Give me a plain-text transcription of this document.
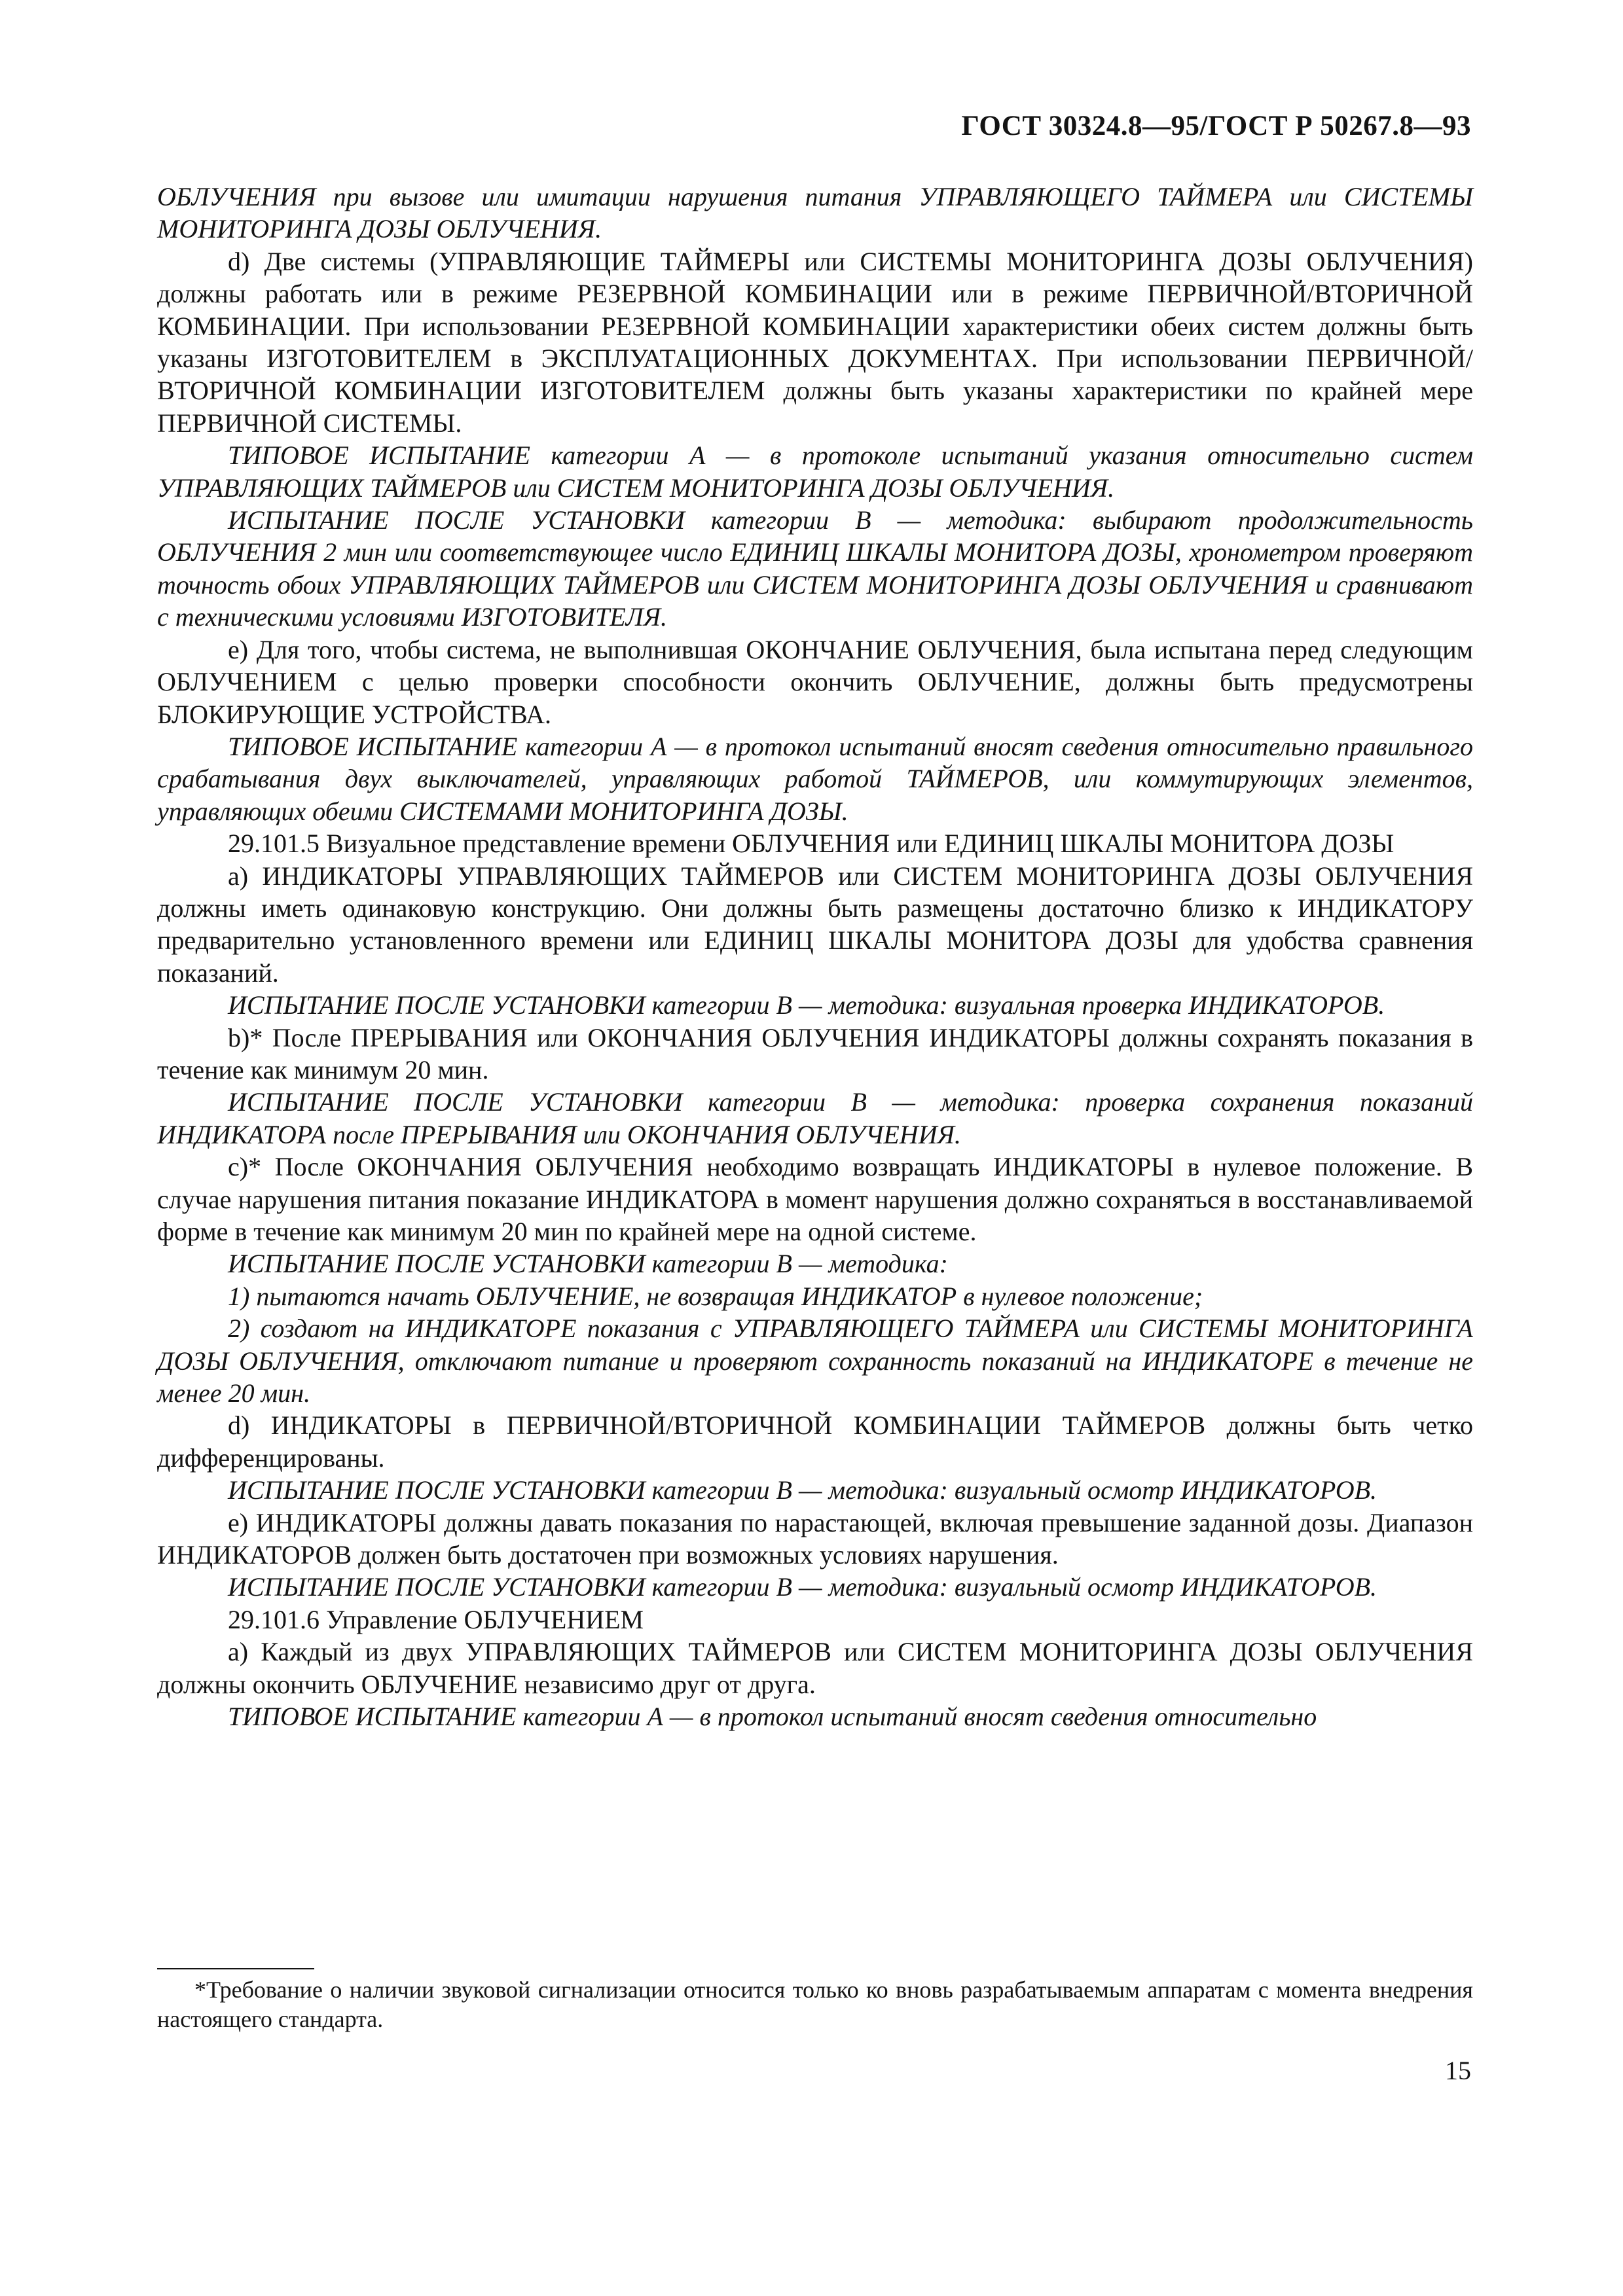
ГОСТ 30324.8—95/ГОСТ Р 50267.8—93

ОБЛУЧЕНИЯ при вызове или имитации нарушения питания УПРАВЛЯЮЩЕГО ТАЙМЕРА или СИСТЕМЫ МОНИТОРИНГА ДОЗЫ ОБЛУЧЕНИЯ.

d) Две системы (УПРАВЛЯЮЩИЕ ТАЙМЕРЫ или СИСТЕМЫ МОНИТОРИНГА ДОЗЫ ОБЛУЧЕНИЯ) должны работать или в режиме РЕЗЕРВНОЙ КОМБИНАЦИИ или в режиме ПЕРВИЧНОЙ/ВТОРИЧНОЙ КОМБИНАЦИИ. При использовании РЕЗЕРВНОЙ КОМБИНАЦИИ характеристики обеих систем должны быть указаны ИЗГОТОВИТЕЛЕМ в ЭКСПЛУАТАЦИОННЫХ ДОКУМЕНТАХ. При использовании ПЕРВИЧНОЙ/ВТОРИЧНОЙ КОМБИНАЦИИ ИЗГОТОВИТЕЛЕМ должны быть указаны характеристики по крайней мере ПЕРВИЧНОЙ СИСТЕМЫ.

ТИПОВОЕ ИСПЫТАНИЕ категории А — в протоколе испытаний указания относительно систем УПРАВЛЯЮЩИХ ТАЙМЕРОВ или СИСТЕМ МОНИТОРИНГА ДОЗЫ ОБЛУЧЕНИЯ.

ИСПЫТАНИЕ ПОСЛЕ УСТАНОВКИ категории В — методика: выбирают продолжительность ОБЛУЧЕНИЯ 2 мин или соответствующее число ЕДИНИЦ ШКАЛЫ МОНИТОРА ДОЗЫ, хронометром проверяют точность обоих УПРАВЛЯЮЩИХ ТАЙМЕРОВ или СИСТЕМ МОНИТОРИНГА ДОЗЫ ОБЛУЧЕНИЯ и сравнивают с техническими условиями ИЗГОТОВИТЕЛЯ.

е) Для того, чтобы система, не выполнившая ОКОНЧАНИЕ ОБЛУЧЕНИЯ, была испытана перед следующим ОБЛУЧЕНИЕМ с целью проверки способности окончить ОБЛУЧЕНИЕ, должны быть предусмотрены БЛОКИРУЮЩИЕ УСТРОЙСТВА.

ТИПОВОЕ ИСПЫТАНИЕ категории А — в протокол испытаний вносят сведения относительно правильного срабатывания двух выключателей, управляющих работой ТАЙМЕРОВ, или коммутирующих элементов, управляющих обеими СИСТЕМАМИ МОНИТОРИНГА ДОЗЫ.

29.101.5 Визуальное представление времени ОБЛУЧЕНИЯ или ЕДИНИЦ ШКАЛЫ МОНИТОРА ДОЗЫ

а) ИНДИКАТОРЫ УПРАВЛЯЮЩИХ ТАЙМЕРОВ или СИСТЕМ МОНИТОРИНГА ДОЗЫ ОБЛУЧЕНИЯ должны иметь одинаковую конструкцию. Они должны быть размещены достаточно близко к ИНДИКАТОРУ предварительно установленного времени или ЕДИНИЦ ШКАЛЫ МОНИТОРА ДОЗЫ для удобства сравнения показаний.

ИСПЫТАНИЕ ПОСЛЕ УСТАНОВКИ категории В — методика: визуальная проверка ИНДИКАТОРОВ.

b)* После ПРЕРЫВАНИЯ или ОКОНЧАНИЯ ОБЛУЧЕНИЯ ИНДИКАТОРЫ должны сохранять показания в течение как минимум 20 мин.

ИСПЫТАНИЕ ПОСЛЕ УСТАНОВКИ категории В — методика: проверка сохранения показаний ИНДИКАТОРА после ПРЕРЫВАНИЯ или ОКОНЧАНИЯ ОБЛУЧЕНИЯ.

с)* После ОКОНЧАНИЯ ОБЛУЧЕНИЯ необходимо возвращать ИНДИКАТОРЫ в нулевое положение. В случае нарушения питания показание ИНДИКАТОРА в момент нарушения должно сохраняться в восстанавливаемой форме в течение как минимум 20 мин по крайней мере на одной системе.

ИСПЫТАНИЕ ПОСЛЕ УСТАНОВКИ категории В — методика:

1) пытаются начать ОБЛУЧЕНИЕ, не возвращая ИНДИКАТОР в нулевое положение;

2) создают на ИНДИКАТОРЕ показания с УПРАВЛЯЮЩЕГО ТАЙМЕРА или СИСТЕМЫ МОНИТОРИНГА ДОЗЫ ОБЛУЧЕНИЯ, отключают питание и проверяют сохранность показаний на ИНДИКАТОРЕ в течение не менее 20 мин.

d) ИНДИКАТОРЫ в ПЕРВИЧНОЙ/ВТОРИЧНОЙ КОМБИНАЦИИ ТАЙМЕРОВ должны быть четко дифференцированы.

ИСПЫТАНИЕ ПОСЛЕ УСТАНОВКИ категории В — методика: визуальный осмотр ИНДИКАТОРОВ.

е) ИНДИКАТОРЫ должны давать показания по нарастающей, включая превышение заданной дозы. Диапазон ИНДИКАТОРОВ должен быть достаточен при возможных условиях нарушения.

ИСПЫТАНИЕ ПОСЛЕ УСТАНОВКИ категории В — методика: визуальный осмотр ИНДИКАТОРОВ.

29.101.6 Управление ОБЛУЧЕНИЕМ

а) Каждый из двух УПРАВЛЯЮЩИХ ТАЙМЕРОВ или СИСТЕМ МОНИТОРИНГА ДОЗЫ ОБЛУЧЕНИЯ должны окончить ОБЛУЧЕНИЕ независимо друг от друга.

ТИПОВОЕ ИСПЫТАНИЕ категории А — в протокол испытаний вносят сведения относительно

*Требование о наличии звуковой сигнализации относится только ко вновь разрабатываемым аппаратам с момента внедрения настоящего стандарта.
15
